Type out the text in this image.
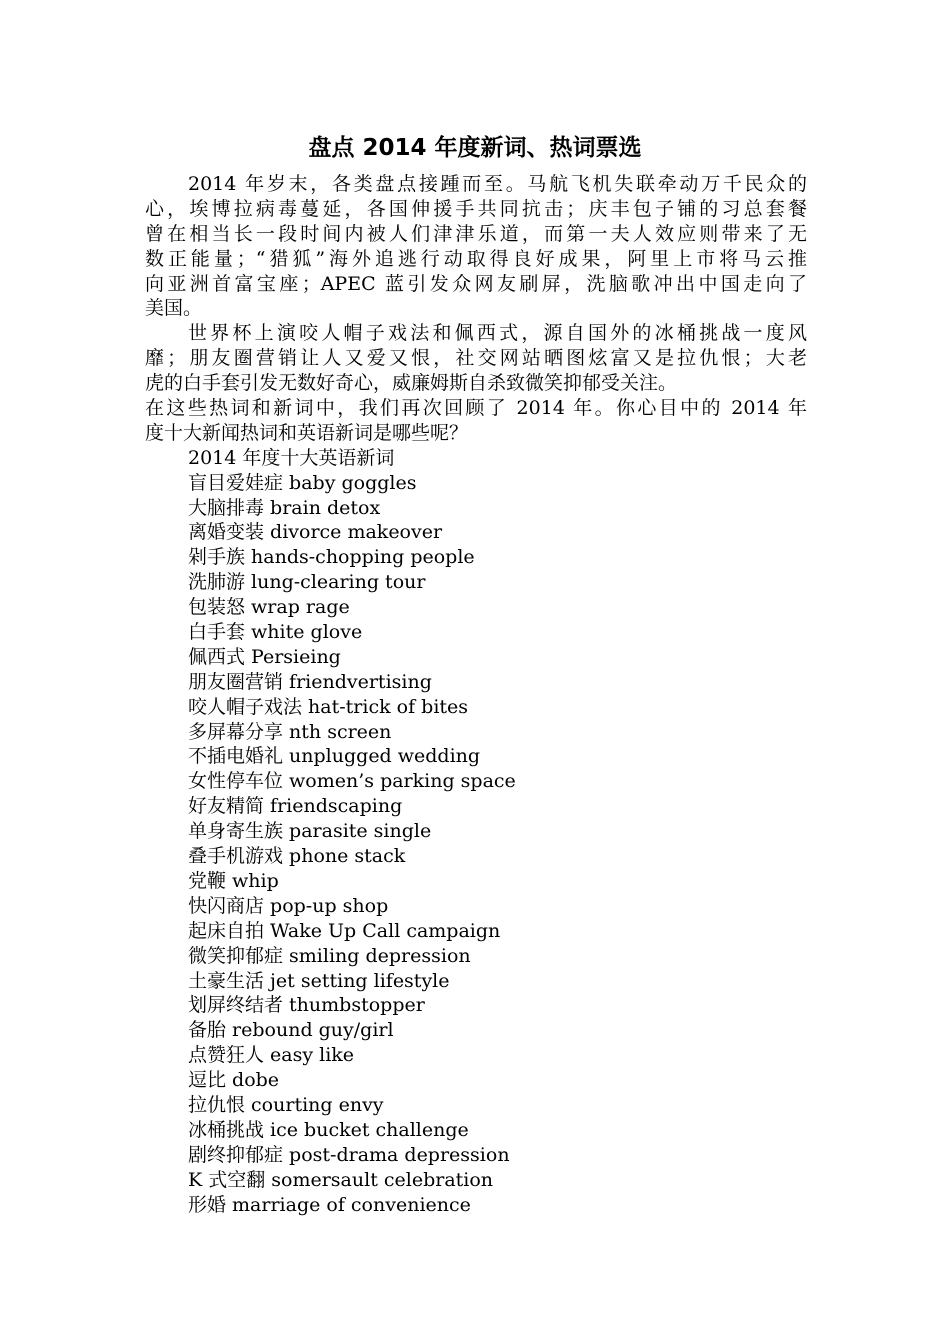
盘点 2014 年度新词、热词票选
2014 年岁末，各类盘点接踵而至。马航飞机失联牵动万千民众的
心，埃博拉病毒蔓延，各国伸援手共同抗击；庆丰包子铺的习总套餐
曾在相当长一段时间内被人们津津乐道，而第一夫人效应则带来了无
数正能量；“猎狐”海外追逃行动取得良好成果，阿里上市将马云推
向亚洲首富宝座；APEC 蓝引发众网友刷屏，洗脑歌冲出中国走向了
美国。
世界杯上演咬人帽子戏法和佩西式，源自国外的冰桶挑战一度风
靡；朋友圈营销让人又爱又恨，社交网站晒图炫富又是拉仇恨；大老
虎的白手套引发无数好奇心，威廉姆斯自杀致微笑抑郁受关注。
在这些热词和新词中，我们再次回顾了 2014 年。你心目中的 2014 年
度十大新闻热词和英语新词是哪些呢？
2014 年度十大英语新词
盲目爱娃症 baby goggles
大脑排毒 brain detox
离婚变装 divorce makeover
剁手族 hands-chopping people
洗肺游 lung-clearing tour
包装怒 wrap rage
白手套 white glove
佩西式 Persieing
朋友圈营销 friendvertising
咬人帽子戏法 hat-trick of bites
多屏幕分享 nth screen
不插电婚礼 unplugged wedding
女性停车位 women’s parking space
好友精简 friendscaping
单身寄生族 parasite single
叠手机游戏 phone stack
党鞭 whip
快闪商店 pop-up shop
起床自拍 Wake Up Call campaign
微笑抑郁症 smiling depression
土豪生活 jet setting lifestyle
划屏终结者 thumbstopper
备胎 rebound guy/girl
点赞狂人 easy like
逗比 dobe
拉仇恨 courting envy
冰桶挑战 ice bucket challenge
剧终抑郁症 post-drama depression
K 式空翻 somersault celebration
形婚 marriage of convenience
